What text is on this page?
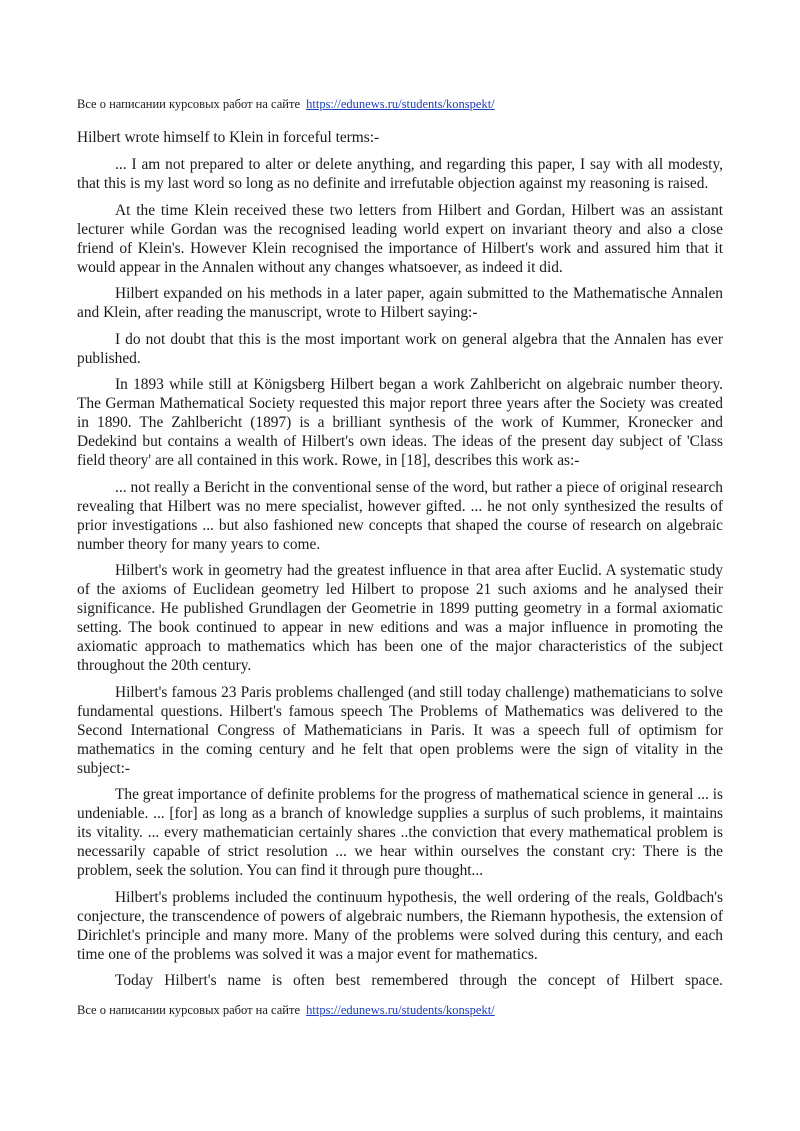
Все о написании курсовых работ на сайте https://edunews.ru/students/konspekt/

Hilbert wrote himself to Klein in forceful terms:-

... I am not prepared to alter or delete anything, and regarding this paper, I say with all modesty, that this is my last word so long as no definite and irrefutable objection against my reasoning is raised.

At the time Klein received these two letters from Hilbert and Gordan, Hilbert was an assistant lecturer while Gordan was the recognised leading world expert on invariant theory and also a close friend of Klein's. However Klein recognised the importance of Hilbert's work and assured him that it would appear in the Annalen without any changes whatsoever, as indeed it did.

Hilbert expanded on his methods in a later paper, again submitted to the Mathematische Annalen and Klein, after reading the manuscript, wrote to Hilbert saying:-

I do not doubt that this is the most important work on general algebra that the Annalen has ever published.

In 1893 while still at Königsberg Hilbert began a work Zahlbericht on algebraic number theory. The German Mathematical Society requested this major report three years after the Society was created in 1890. The Zahlbericht (1897) is a brilliant synthesis of the work of Kummer, Kronecker and Dedekind but contains a wealth of Hilbert's own ideas. The ideas of the present day subject of 'Class field theory' are all contained in this work. Rowe, in [18], describes this work as:-

... not really a Bericht in the conventional sense of the word, but rather a piece of original research revealing that Hilbert was no mere specialist, however gifted. ... he not only synthesized the results of prior investigations ... but also fashioned new concepts that shaped the course of research on algebraic number theory for many years to come.

Hilbert's work in geometry had the greatest influence in that area after Euclid. A systematic study of the axioms of Euclidean geometry led Hilbert to propose 21 such axioms and he analysed their significance. He published Grundlagen der Geometrie in 1899 putting geometry in a formal axiomatic setting. The book continued to appear in new editions and was a major influence in promoting the axiomatic approach to mathematics which has been one of the major characteristics of the subject throughout the 20th century.

Hilbert's famous 23 Paris problems challenged (and still today challenge) mathematicians to solve fundamental questions. Hilbert's famous speech The Problems of Mathematics was delivered to the Second International Congress of Mathematicians in Paris. It was a speech full of optimism for mathematics in the coming century and he felt that open problems were the sign of vitality in the subject:-

The great importance of definite problems for the progress of mathematical science in general ... is undeniable. ... [for] as long as a branch of knowledge supplies a surplus of such problems, it maintains its vitality. ... every mathematician certainly shares ..the conviction that every mathematical problem is necessarily capable of strict resolution ... we hear within ourselves the constant cry: There is the problem, seek the solution. You can find it through pure thought...

Hilbert's problems included the continuum hypothesis, the well ordering of the reals, Goldbach's conjecture, the transcendence of powers of algebraic numbers, the Riemann hypothesis, the extension of Dirichlet's principle and many more. Many of the problems were solved during this century, and each time one of the problems was solved it was a major event for mathematics.

Today Hilbert's name is often best remembered through the concept of Hilbert space.

Все о написании курсовых работ на сайте https://edunews.ru/students/konspekt/
